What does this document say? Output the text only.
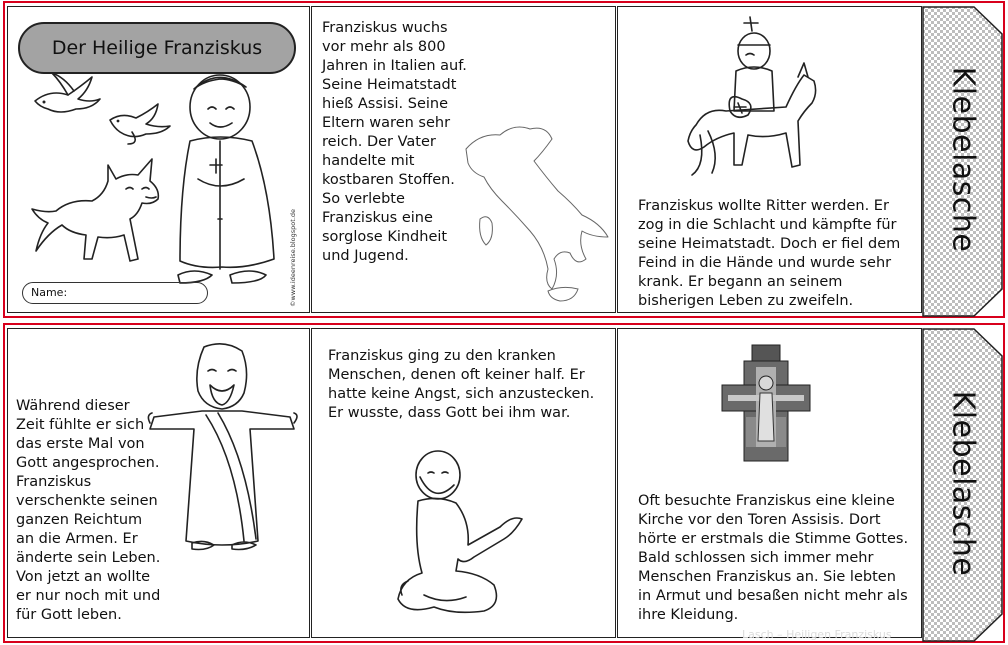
Der Heilige Franziskus
Name:	©www.ideenreise.blogspot.de
Franziskus wuchs
vor mehr als 800
Jahren in Italien auf.
Seine Heimatstadt
hieß Assisi. Seine
Eltern waren sehr
reich. Der Vater
handelte mit
kostbaren Stoffen.
So verlebte
Franziskus eine
sorglose Kindheit
und Jugend.
Franziskus wollte Ritter werden. Er
zog in die Schlacht und kämpfte für
seine Heimatstadt. Doch er fiel dem
Feind in die Hände und wurde sehr
krank. Er begann an seinem
bisherigen Leben zu zweifeln.
Klebelasche
Während dieser
Zeit fühlte er sich
das erste Mal von
Gott angesprochen.
Franziskus
verschenkte seinen
ganzen Reichtum
an die Armen. Er
änderte sein Leben.
Von jetzt an wollte
er nur noch mit und
für Gott leben.
Franziskus ging zu den kranken
Menschen, denen oft keiner half. Er
hatte keine Angst, sich anzustecken.
Er wusste, dass Gott bei ihm war.
Oft besuchte Franziskus eine kleine
Kirche vor den Toren Assisis. Dort
hörte er erstmals die Stimme Gottes.
Bald schlossen sich immer mehr
Menschen Franziskus an. Sie lebten
in Armut und besaßen nicht mehr als
ihre Kleidung.
Klebelasche
Lasch – Heiligen Franziskus
